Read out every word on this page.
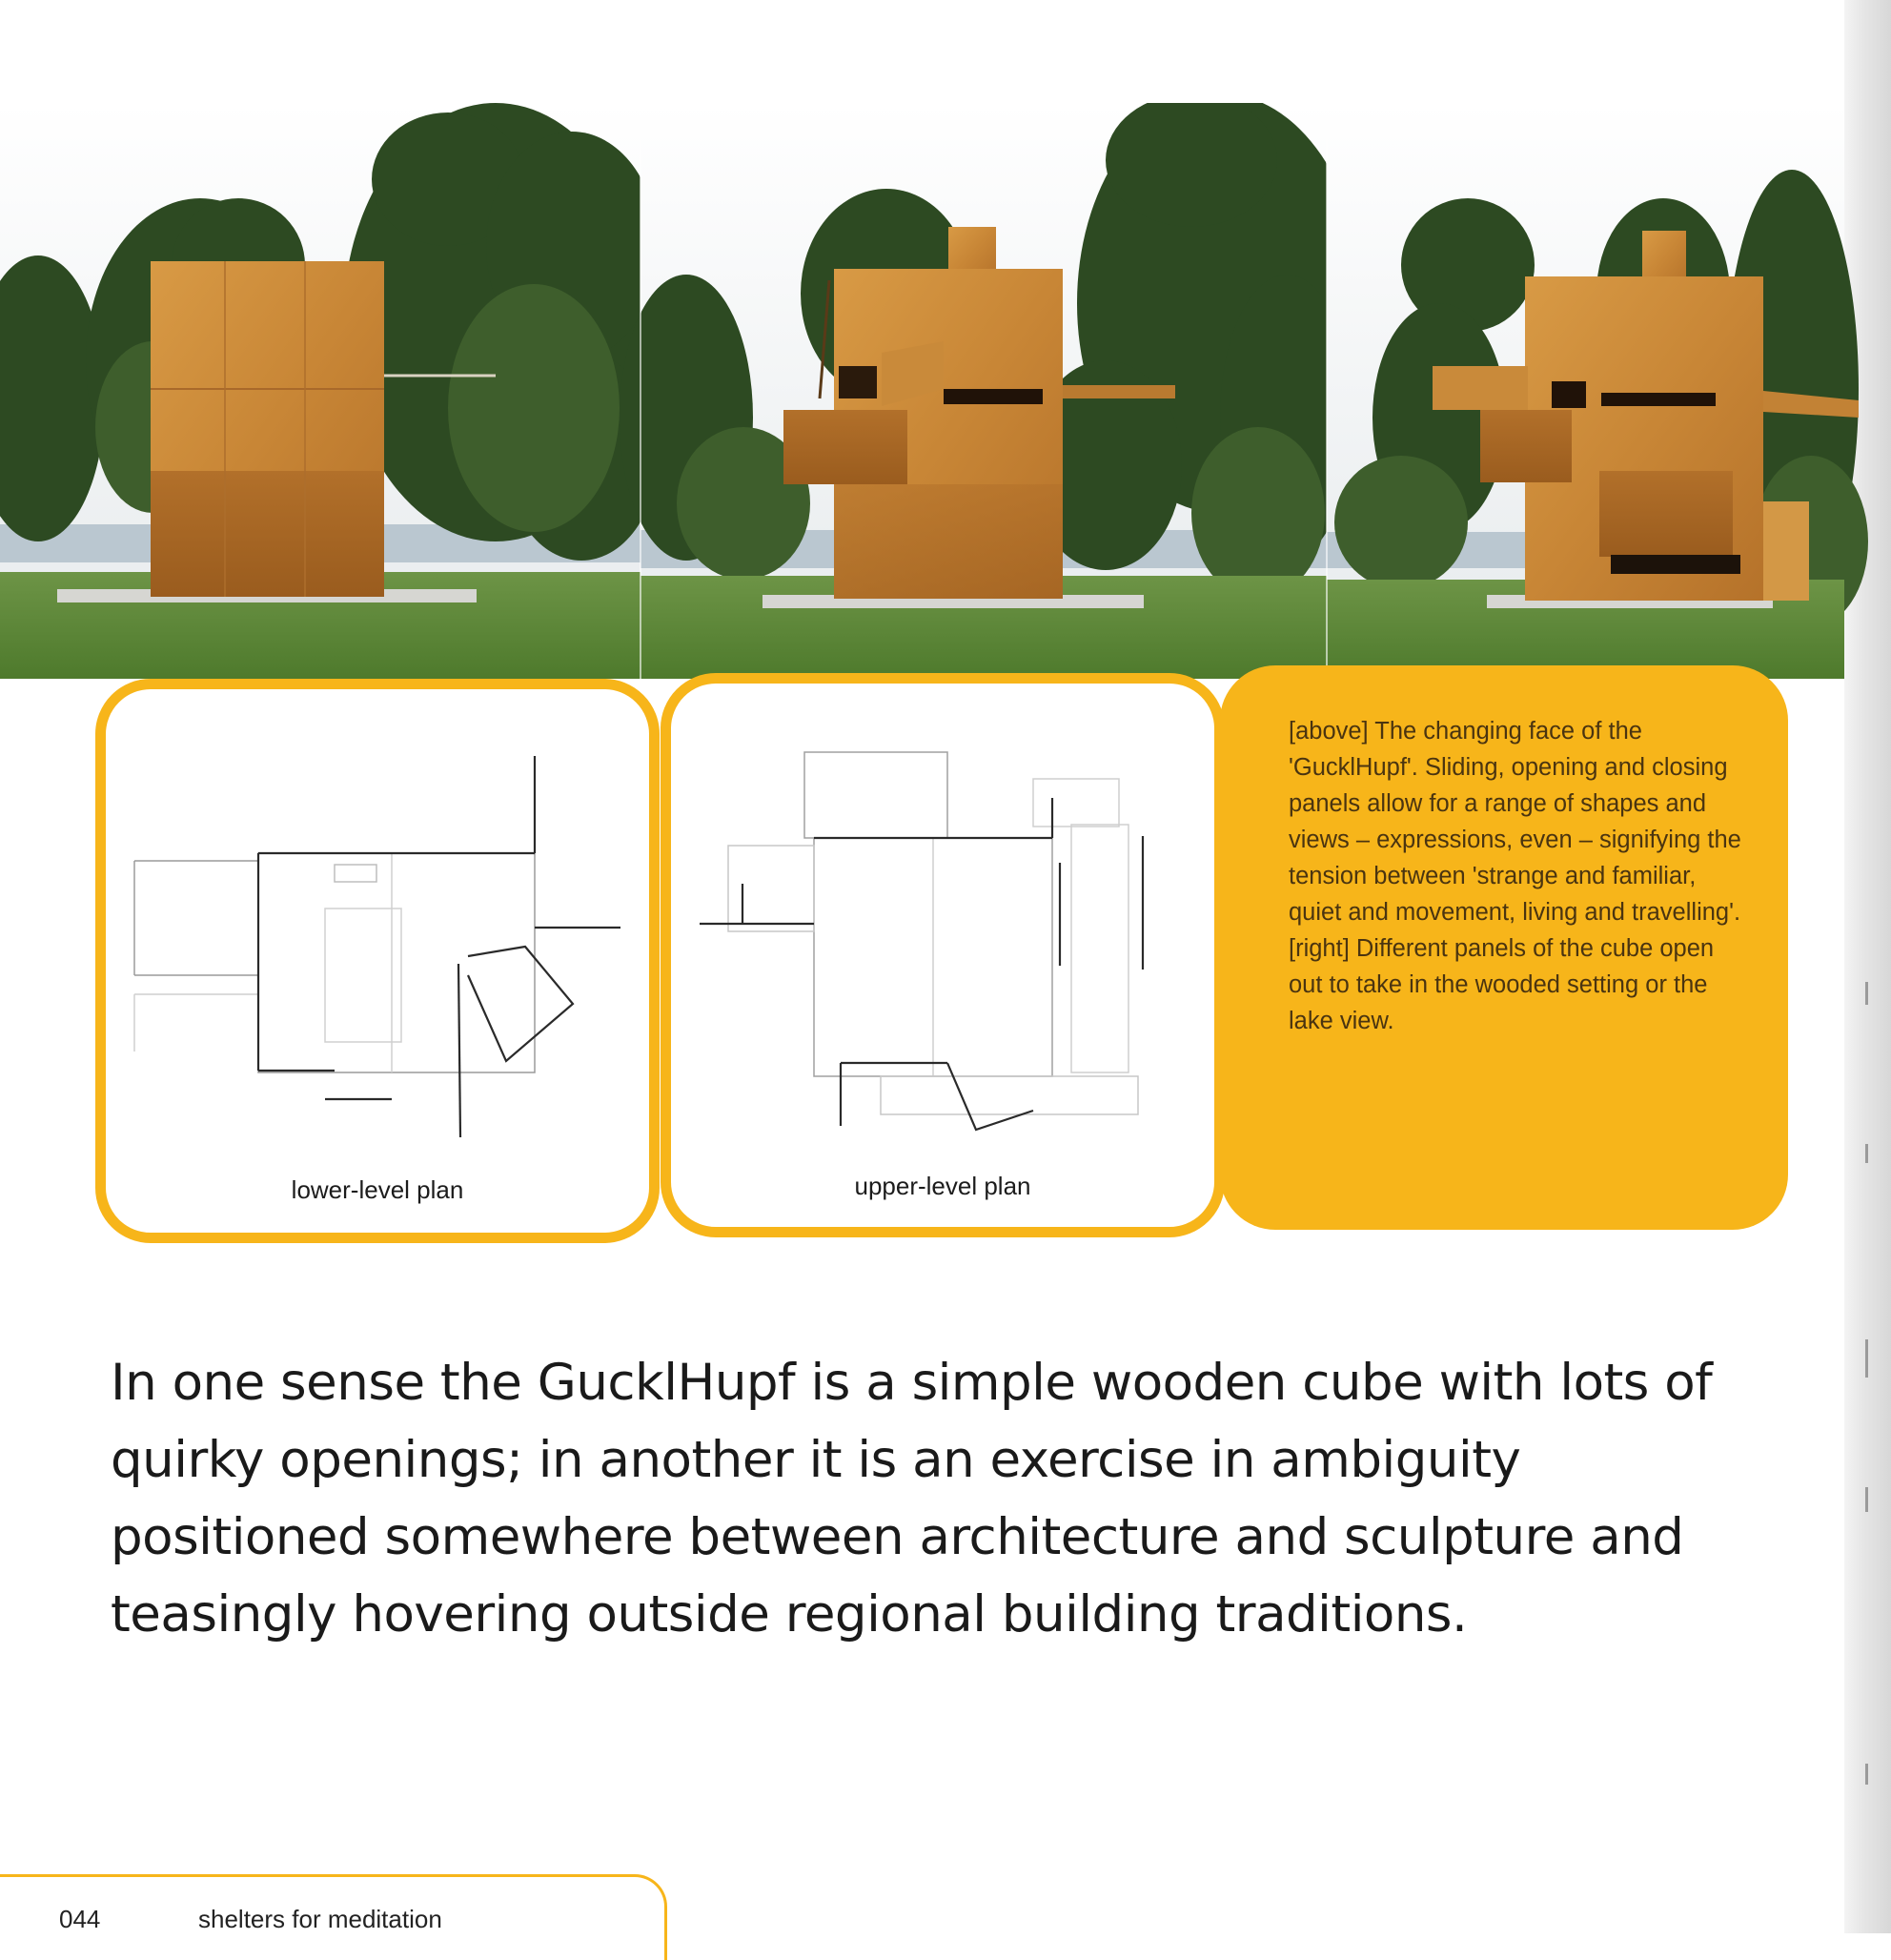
lower-level plan	upper-level plan

[above] The changing face of the 'GucklHupf'. Sliding, opening and closing panels allow for a range of shapes and views – expressions, even – signifying the tension between 'strange and familiar, quiet and movement, living and travelling'. [right] Different panels of the cube open out to take in the wooded setting or the lake view.

In one sense the GucklHupf is a simple wooden cube with lots of quirky openings; in another it is an exercise in ambiguity positioned somewhere between architecture and sculpture and teasingly hovering outside regional building traditions.

044	shelters for meditation
